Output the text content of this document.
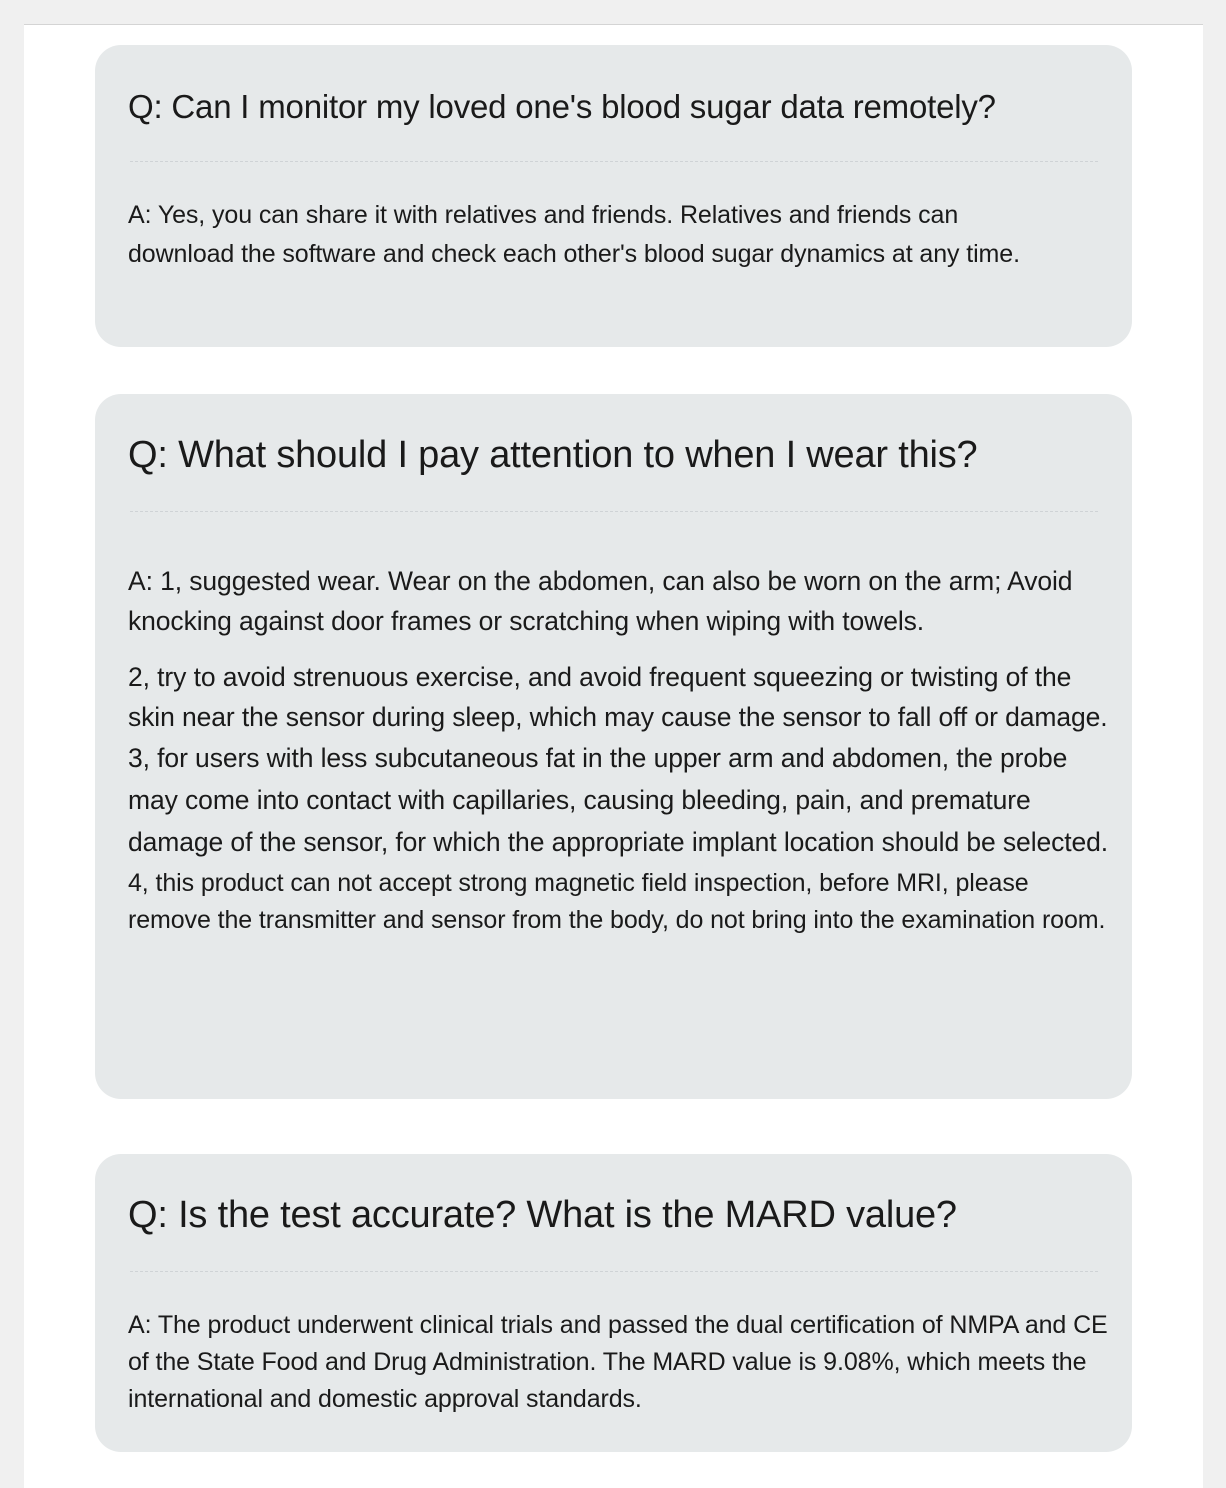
Q: Can I monitor my loved one's blood sugar data remotely?

A: Yes, you can share it with relatives and friends. Relatives and friends can download the software and check each other's blood sugar dynamics at any time.

Q: What should I pay attention to when I wear this?

A: 1, suggested wear. Wear on the abdomen, can also be worn on the arm; Avoid knocking against door frames or scratching when wiping with towels.

2, try to avoid strenuous exercise, and avoid frequent squeezing or twisting of the skin near the sensor during sleep, which may cause the sensor to fall off or damage.

3, for users with less subcutaneous fat in the upper arm and abdomen, the probe may come into contact with capillaries, causing bleeding, pain, and premature damage of the sensor, for which the appropriate implant location should be selected.

4, this product can not accept strong magnetic field inspection, before MRI, please remove the transmitter and sensor from the body, do not bring into the examination room.

Q: Is the test accurate? What is the MARD value?

A: The product underwent clinical trials and passed the dual certification of NMPA and CE of the State Food and Drug Administration. The MARD value is 9.08%, which meets the international and domestic approval standards.
